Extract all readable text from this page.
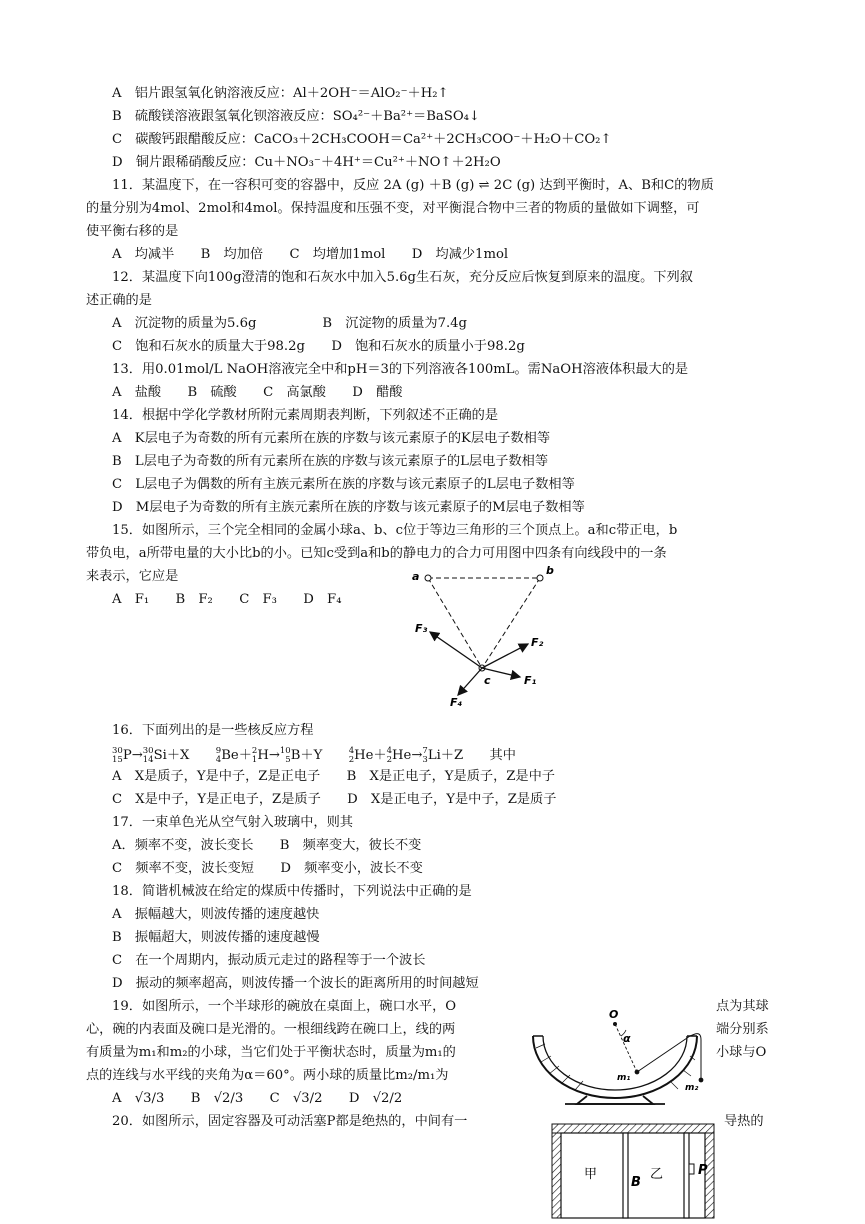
A　铝片跟氢氧化钠溶液反应：Al＋2OH⁻＝AlO₂⁻＋H₂↑
B　硫酸镁溶液跟氢氧化钡溶液反应：SO₄²⁻＋Ba²⁺＝BaSO₄↓
C　碳酸钙跟醋酸反应：CaCO₃＋2CH₃COOH＝Ca²⁺＋2CH₃COO⁻＋H₂O＋CO₂↑
D　铜片跟稀硝酸反应：Cu＋NO₃⁻＋4H⁺＝Cu²⁺＋NO↑＋2H₂O
11．某温度下，在一容积可变的容器中，反应 2A (g) ＋B (g) ⇌ 2C (g) 达到平衡时，A、B和C的物质
的量分别为4mol、2mol和4mol。保持温度和压强不变，对平衡混合物中三者的物质的量做如下调整，可
使平衡右移的是
A　均减半　　B　均加倍　　C　均增加1mol　　D　均减少1mol
12．某温度下向100g澄清的饱和石灰水中加入5.6g生石灰，充分反应后恢复到原来的温度。下列叙
述正确的是
A　沉淀物的质量为5.6g　　　　　B　沉淀物的质量为7.4g
C　饱和石灰水的质量大于98.2g　　D　饱和石灰水的质量小于98.2g
13．用0.01mol/L NaOH溶液完全中和pH＝3的下列溶液各100mL。需NaOH溶液体积最大的是
A　盐酸　　B　硫酸　　C　高氯酸　　D　醋酸
14．根据中学化学教材所附元素周期表判断，下列叙述不正确的是
A　K层电子为奇数的所有元素所在族的序数与该元素原子的K层电子数相等
B　L层电子为奇数的所有元素所在族的序数与该元素原子的L层电子数相等
C　L层电子为偶数的所有主族元素所在族的序数与该元素原子的L层电子数相等
D　M层电子为奇数的所有主族元素所在族的序数与该元素原子的M层电子数相等
15．如图所示，三个完全相同的金属小球a、b、c位于等边三角形的三个顶点上。a和c带正电，b
带负电，a所带电量的大小比b的小。已知c受到a和b的静电力的合力可用图中四条有向线段中的一条
来表示，它应是
A　F₁　　B　F₂　　C　F₃　　D　F₄
a	b
c	F₁
F₂
F₃
F₄
16．下面列出的是一些核反应方程
30
15P→30
14Si＋X　　9
4Be＋2
1H→10
5B＋Y　　4
2He＋4
2He→7
3Li＋Z　　其中
A　X是质子，Y是中子，Z是正电子　　B　X是正电子，Y是质子，Z是中子
C　X是中子，Y是正电子，Z是质子　　D　X是正电子，Y是中子，Z是质子
17．一束单色光从空气射入玻璃中，则其
A．频率不变，波长变长　　B　频率变大，彼长不变
C　频率不变，波长变短　　D　频率变小，波长不变
18．简谐机械波在给定的煤质中传播时，下列说法中正确的是
A　振幅越大，则波传播的速度越快
B　振幅超大，则波传播的速度越慢
C　在一个周期内，振动质元走过的路程等于一个波长
D　振动的频率超高，则波传播一个波长的距离所用的时间越短
19．如图所示，一个半球形的碗放在桌面上，碗口水平，O	点为其球
心，碗的内表面及碗口是光滑的。一根细线跨在碗口上，线的两	端分别系
有质量为m₁和m₂的小球，当它们处于平衡状态时，质量为m₁的	小球与O
点的连线与水平线的夹角为α＝60°。两小球的质量比m₂/m₁为
A　√3/3　　B　√2/3　　C　√3/2　　D　√2/2
O
α
m₁
m₂
20．如图所示，固定容器及可动活塞P都是绝热的，中间有一	导热的
甲
B
乙	P
